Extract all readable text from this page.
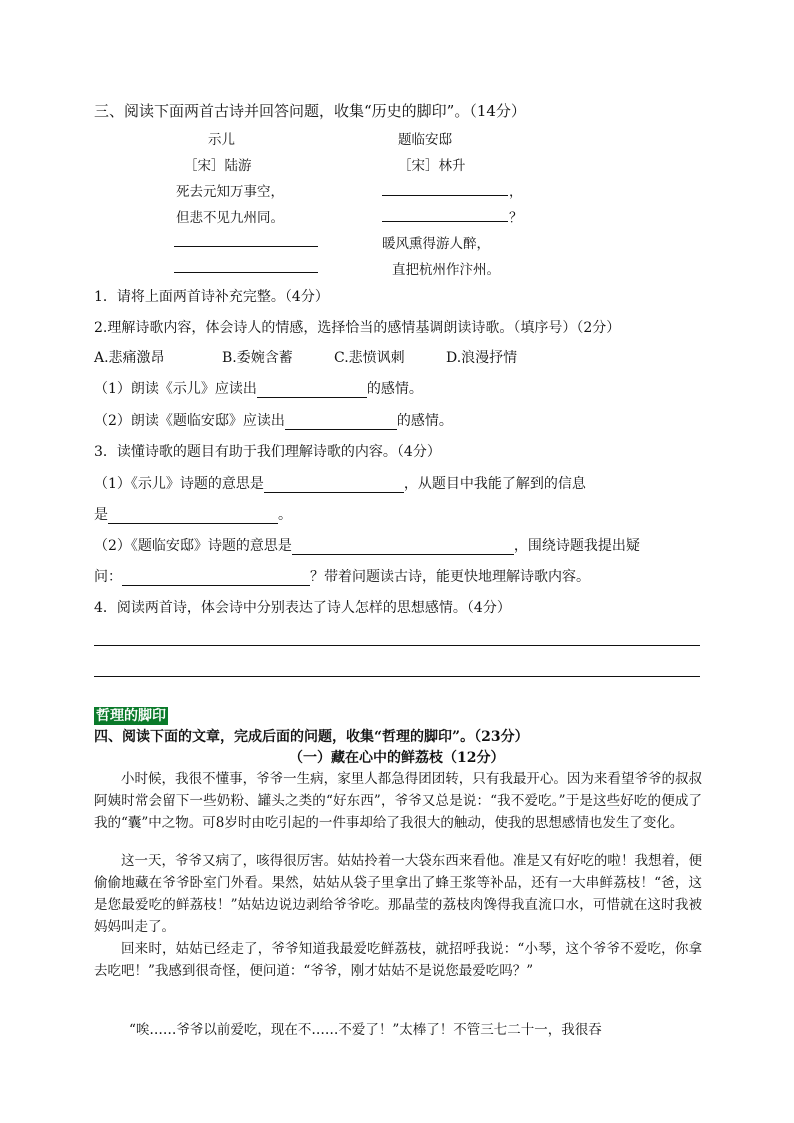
三、阅读下面两首古诗并回答问题，收集“历史的脚印”。（14分）
示儿
［宋］陆游
死去元知万事空，
但悲不见九州同。
题临安邸
［宋］林升
，
？
暖风熏得游人醉，
直把杭州作汴州。
1．请将上面两首诗补充完整。（4分）
2.理解诗歌内容，体会诗人的情感，选择恰当的感情基调朗读诗歌。（填序号）（2分）
A.悲痛激昂	B.委婉含蓄	C.悲愤讽刺	D.浪漫抒情
（1）朗读《示儿》应读出	的感情。
（2）朗读《题临安邸》应读出	的感情。
3．读懂诗歌的题目有助于我们理解诗歌的内容。（4分）
（1）《示儿》诗题的意思是	，从题目中我能了解到的信息
是	。
（2）《题临安邸》诗题的意思是	，围绕诗题我提出疑
问：	？带着问题读古诗，能更快地理解诗歌内容。
4．阅读两首诗，体会诗中分别表达了诗人怎样的思想感情。（4分）
哲理的脚印
四、阅读下面的文章，完成后面的问题，收集“哲理的脚印”。（23分）
（一）藏在心中的鲜荔枝（12分）
小时候，我很不懂事，爷爷一生病，家里人都急得团团转，只有我最开心。因为来看望爷爷的叔叔阿姨时常会留下一些奶粉、罐头之类的“好东西”，爷爷又总是说：“我不爱吃。”于是这些好吃的便成了我的“囊”中之物。可8岁时由吃引起的一件事却给了我很大的触动，使我的思想感情也发生了变化。
这一天，爷爷又病了，咳得很厉害。姑姑拎着一大袋东西来看他。准是又有好吃的啦！我想着，便偷偷地藏在爷爷卧室门外看。果然，姑姑从袋子里拿出了蜂王浆等补品，还有一大串鲜荔枝！“爸，这是您最爱吃的鲜荔枝！”姑姑边说边剥给爷爷吃。那晶莹的荔枝肉馋得我直流口水，可惜就在这时我被妈妈叫走了。
回来时，姑姑已经走了，爷爷知道我最爱吃鲜荔枝，就招呼我说：“小琴，这个爷爷不爱吃，你拿去吃吧！”我感到很奇怪，便问道：“爷爷，刚才姑姑不是说您最爱吃吗？”
“唉……爷爷以前爱吃，现在不……不爱了！”太棒了！不管三七二十一，我很吞
